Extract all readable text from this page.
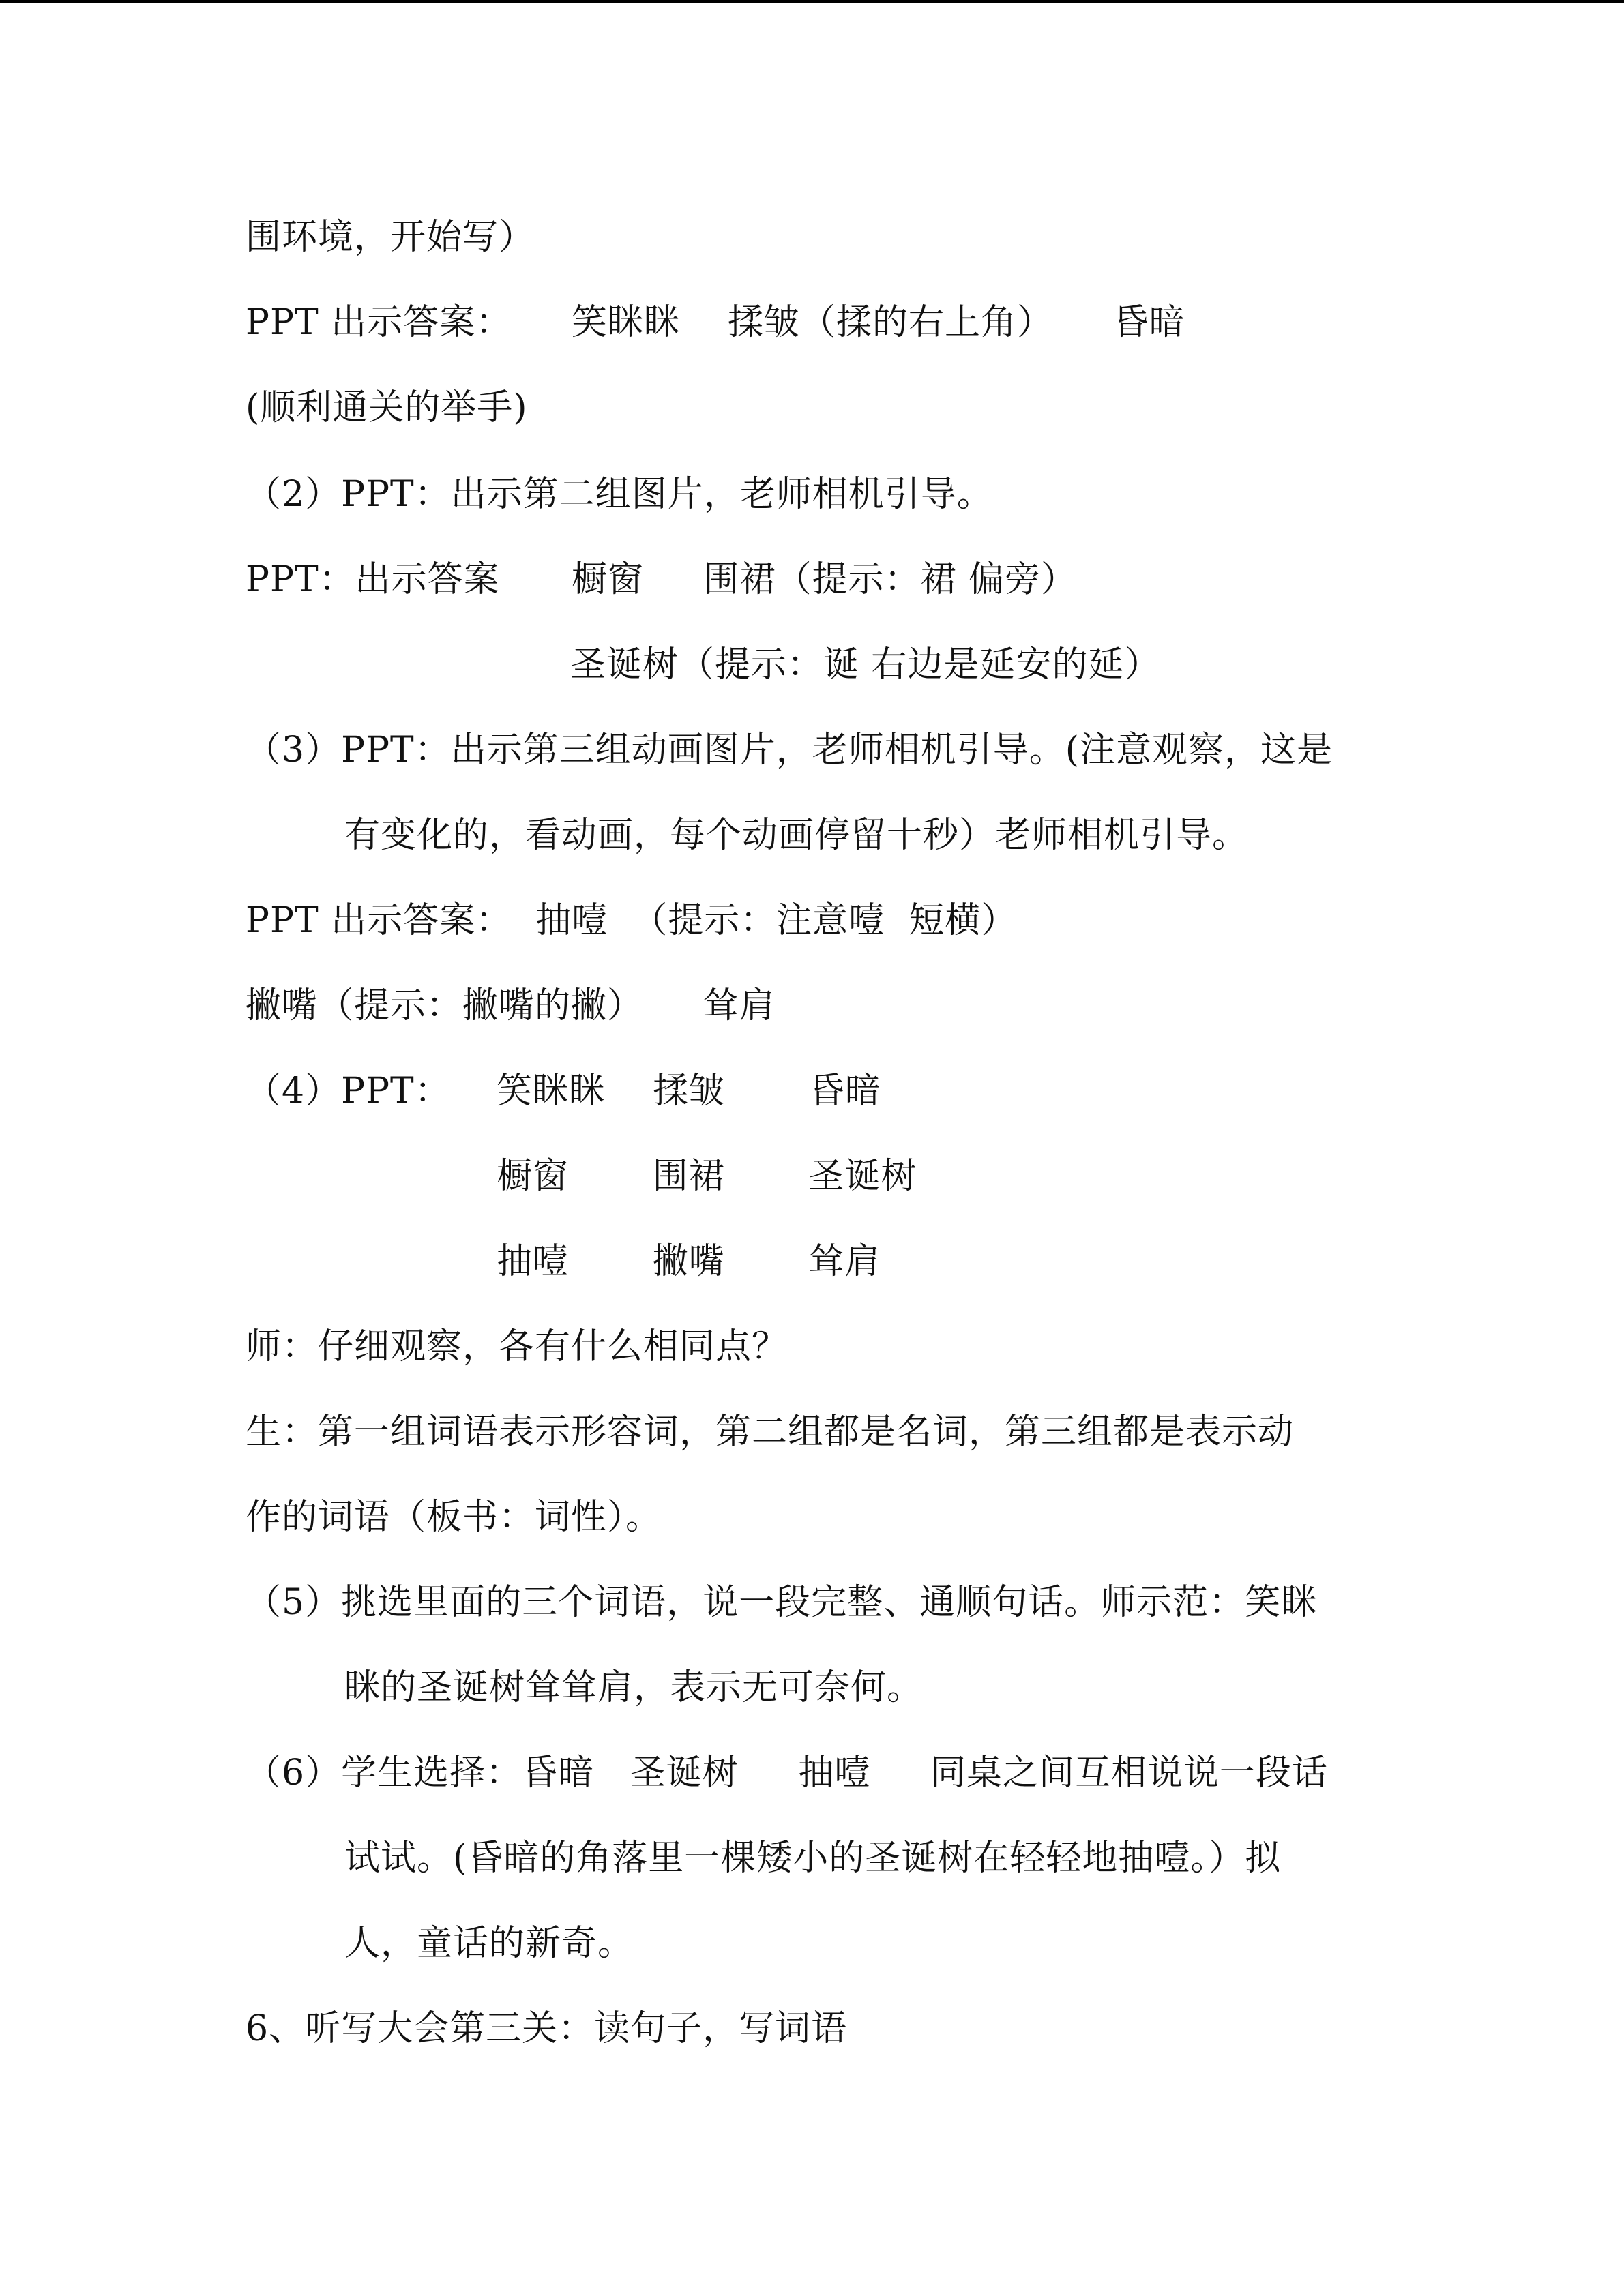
围环境，开始写）
PPT 出示答案：     笑眯眯    揉皱（揉的右上角）     昏暗
(顺利通关的举手)
（2）PPT：出示第二组图片，老师相机引导。
PPT：出示答案      橱窗     围裙（提示：裙 偏旁）
圣诞树（提示：诞 右边是延安的延）
（3）PPT：出示第三组动画图片，老师相机引导。(注意观察，这是
有变化的，看动画，每个动画停留十秒）老师相机引导。
PPT 出示答案：  抽噎  （提示：注意噎  短横）
撇嘴（提示：撇嘴的撇）     耸肩
（4）PPT： 笑眯眯    揉皱       昏暗
橱窗       围裙       圣诞树
抽噎       撇嘴       耸肩
师：仔细观察，各有什么相同点？
生：第一组词语表示形容词，第二组都是名词，第三组都是表示动
作的词语（板书：词性）。
（5）挑选里面的三个词语，说一段完整、通顺句话。师示范：笑眯
眯的圣诞树耸耸肩，表示无可奈何。
（6）学生选择：昏暗   圣诞树     抽噎     同桌之间互相说说一段话
试试。(昏暗的角落里一棵矮小的圣诞树在轻轻地抽噎。）拟
人，童话的新奇。
6、听写大会第三关：读句子，写词语
